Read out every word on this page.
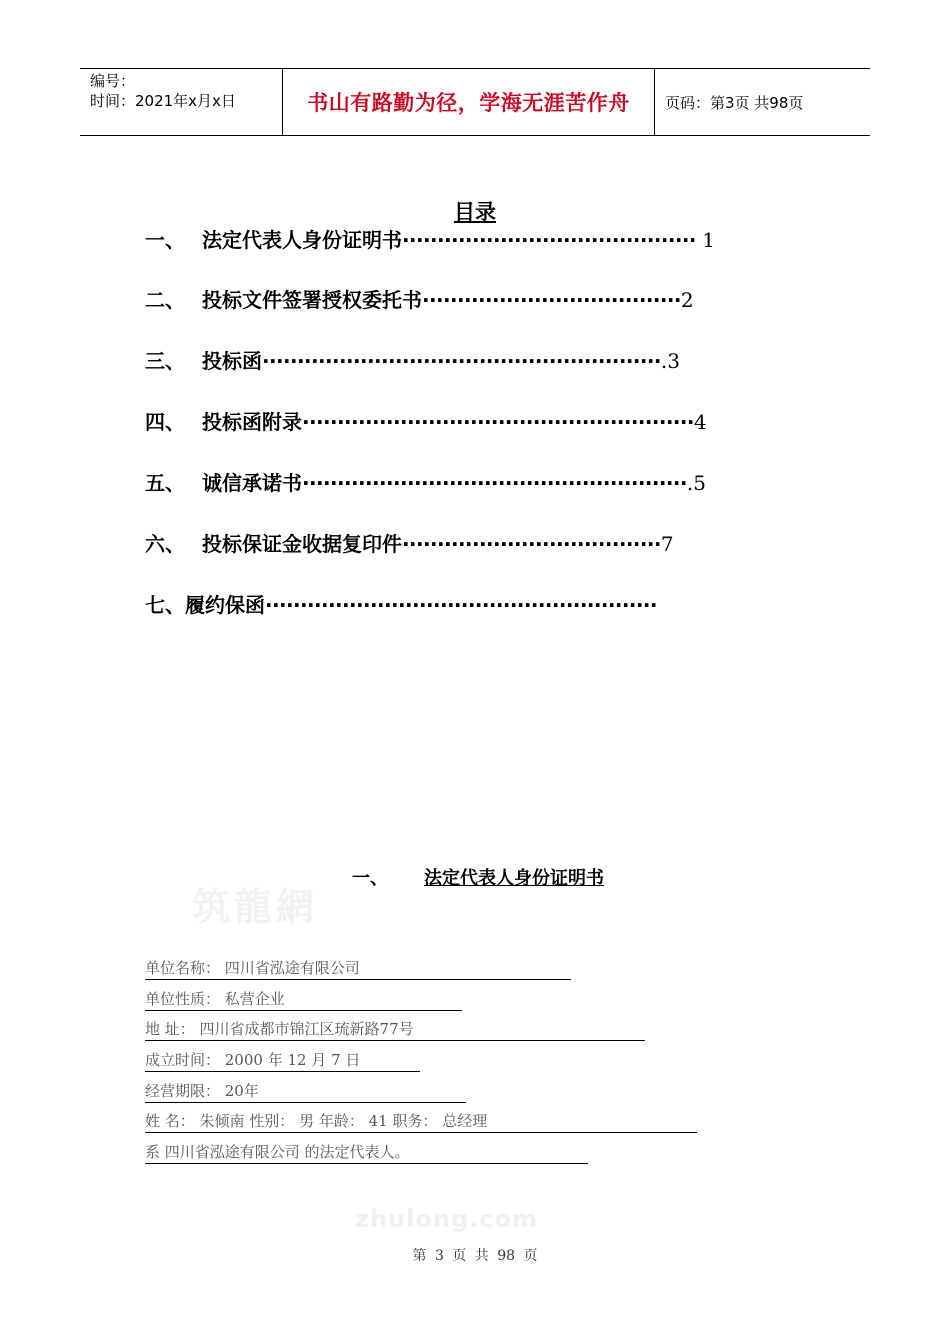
编号：
时间：2021年x月x日	书山有路勤为径，学海无涯苦作舟	页码：第3页 共98页
目录
一、 法定代表人身份证明书·········································· 1
二、 投标文件签署授权委托书·····································2
三、 投标函·························································.3
四、 投标函附录························································4
五、 诚信承诺书·······················································.5
六、 投标保证金收据复印件·····································7
七、履约保函························································
一、 法定代表人身份证明书
筑龍網
单位名称： 四川省泓途有限公司
单位性质： 私营企业
地 址： 四川省成都市锦江区琉新路77号
成立时间： 2000 年 12 月 7 日
经营期限： 20年
姓 名： 朱倾南 性别： 男 年龄： 41 职务： 总经理
系 四川省泓途有限公司 的法定代表人。
zhulong.com
第 3 页 共 98 页
